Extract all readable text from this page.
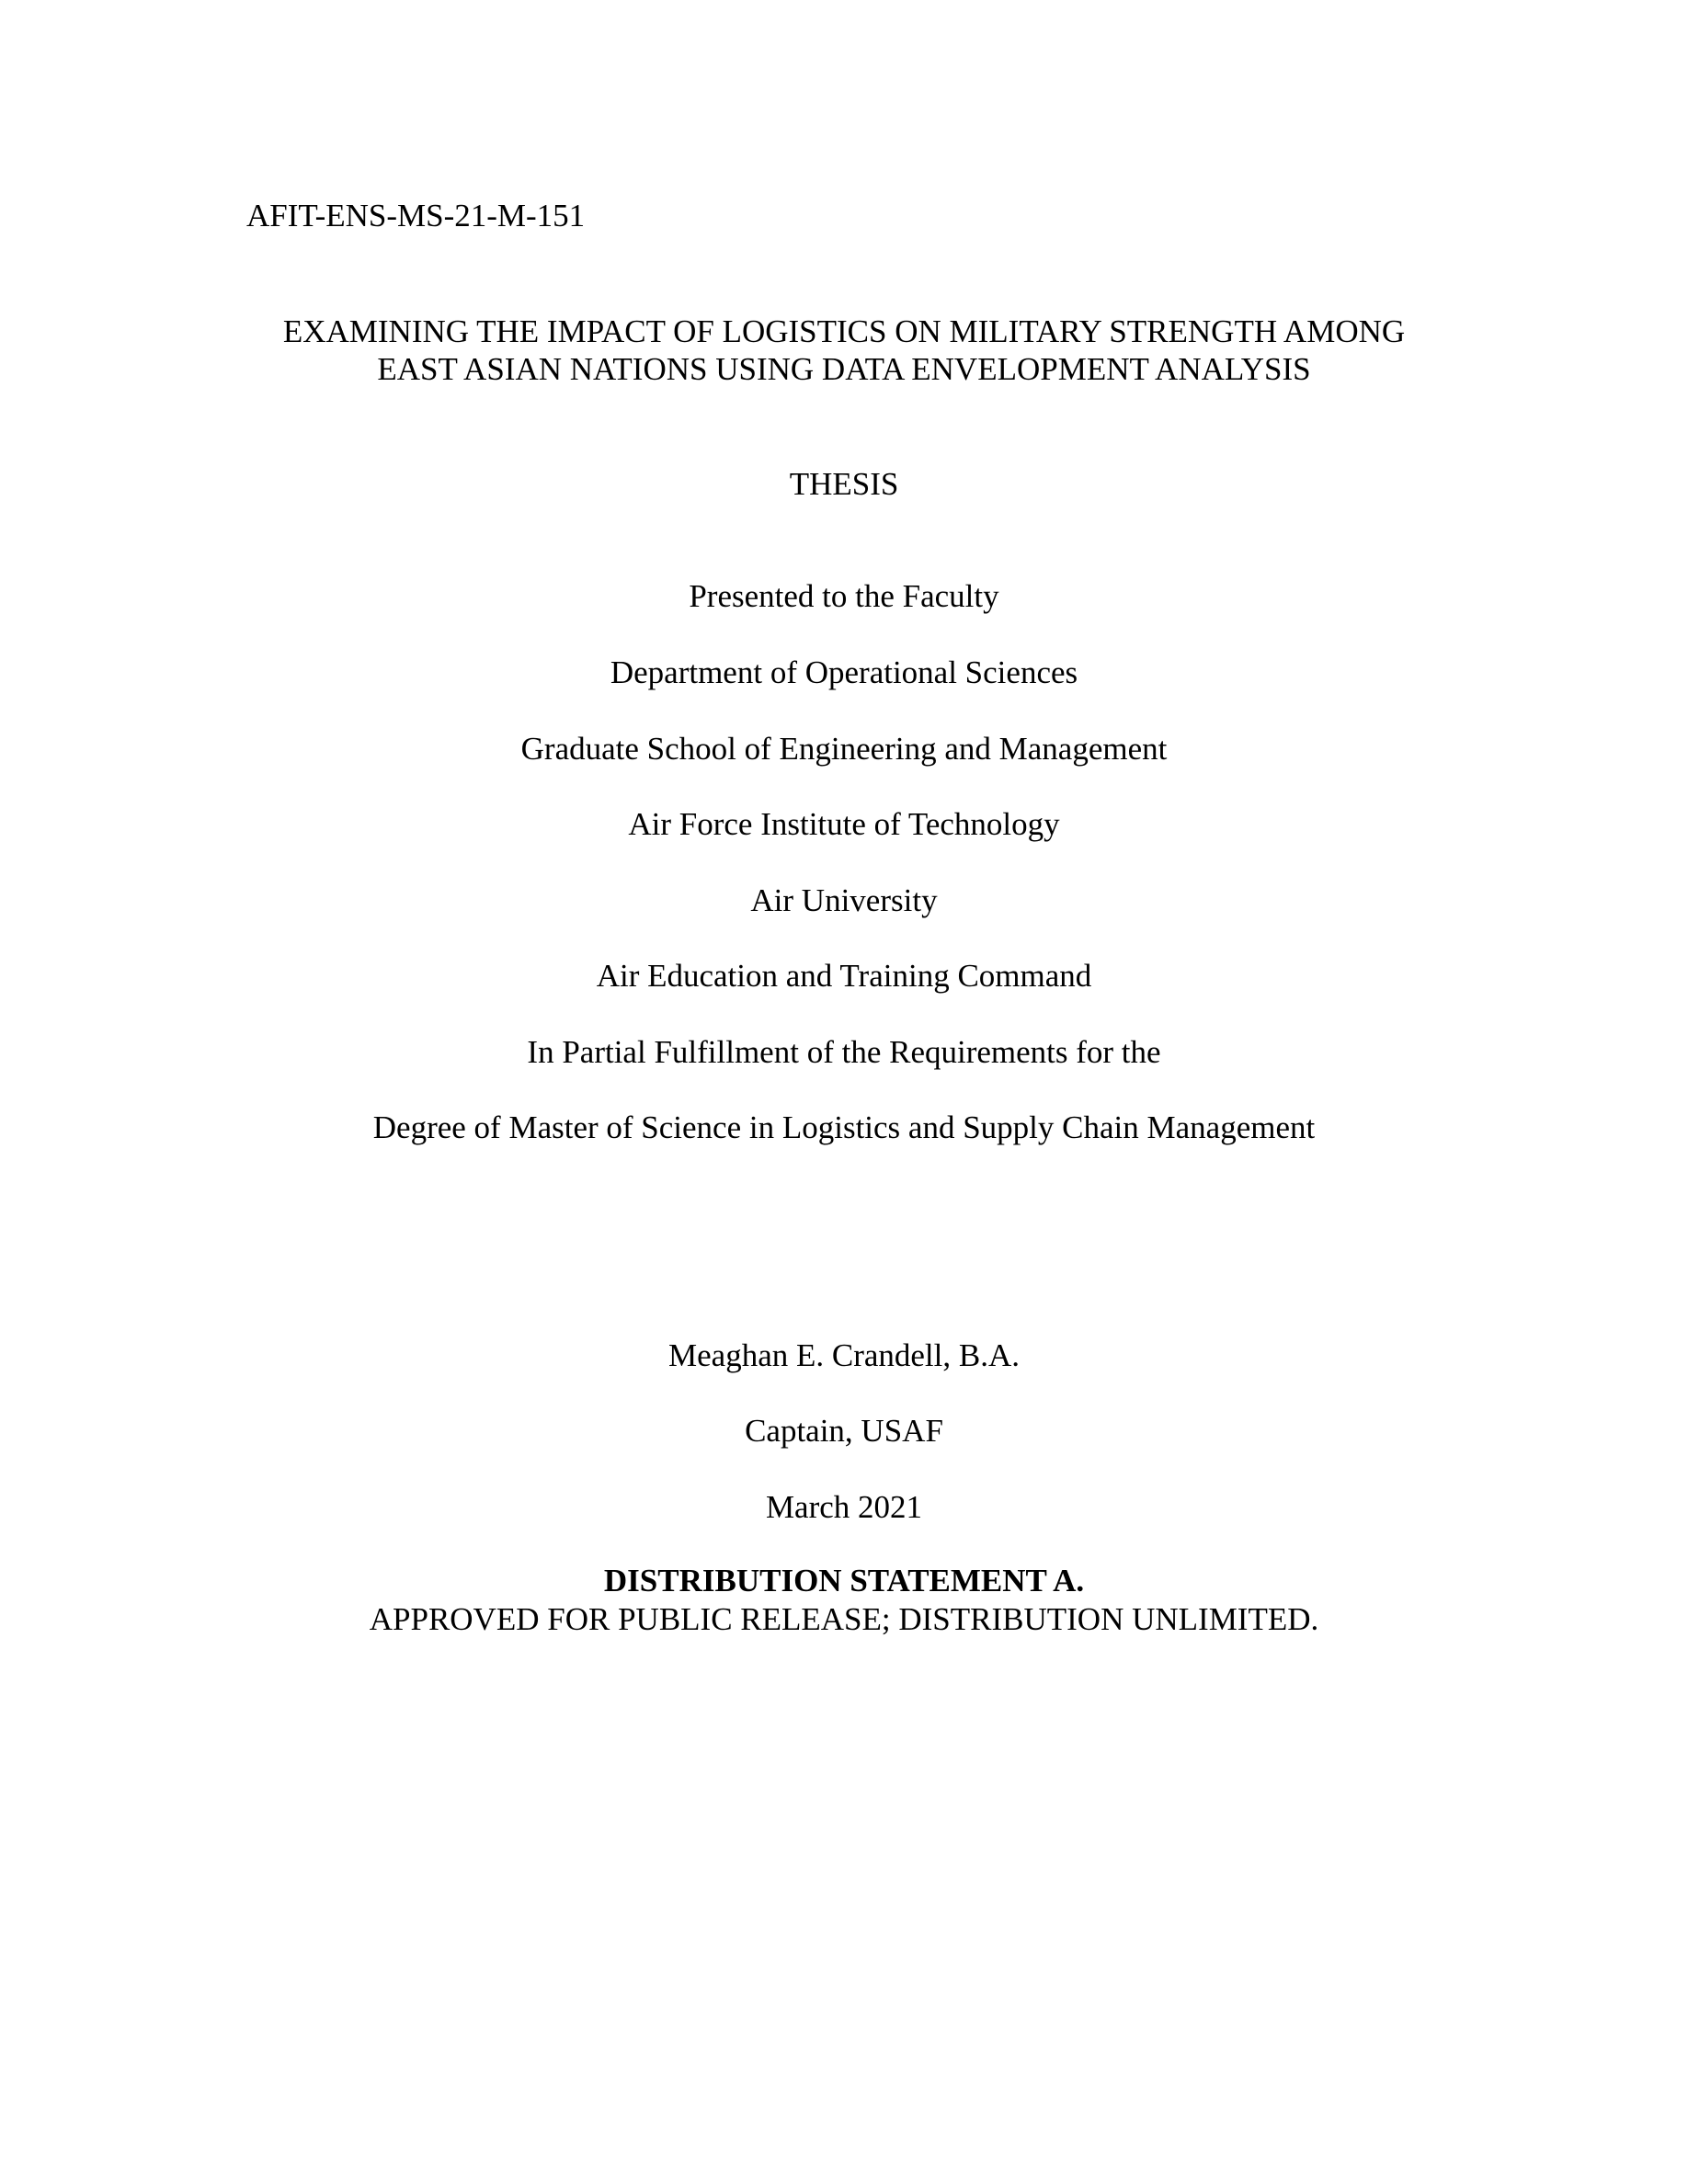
AFIT-ENS-MS-21-M-151
EXAMINING THE IMPACT OF LOGISTICS ON MILITARY STRENGTH AMONG
EAST ASIAN NATIONS USING DATA ENVELOPMENT ANALYSIS
THESIS
Presented to the Faculty
Department of Operational Sciences
Graduate School of Engineering and Management
Air Force Institute of Technology
Air University
Air Education and Training Command
In Partial Fulfillment of the Requirements for the
Degree of Master of Science in Logistics and Supply Chain Management
Meaghan E. Crandell, B.A.
Captain, USAF
March 2021
DISTRIBUTION STATEMENT A.
APPROVED FOR PUBLIC RELEASE; DISTRIBUTION UNLIMITED.
